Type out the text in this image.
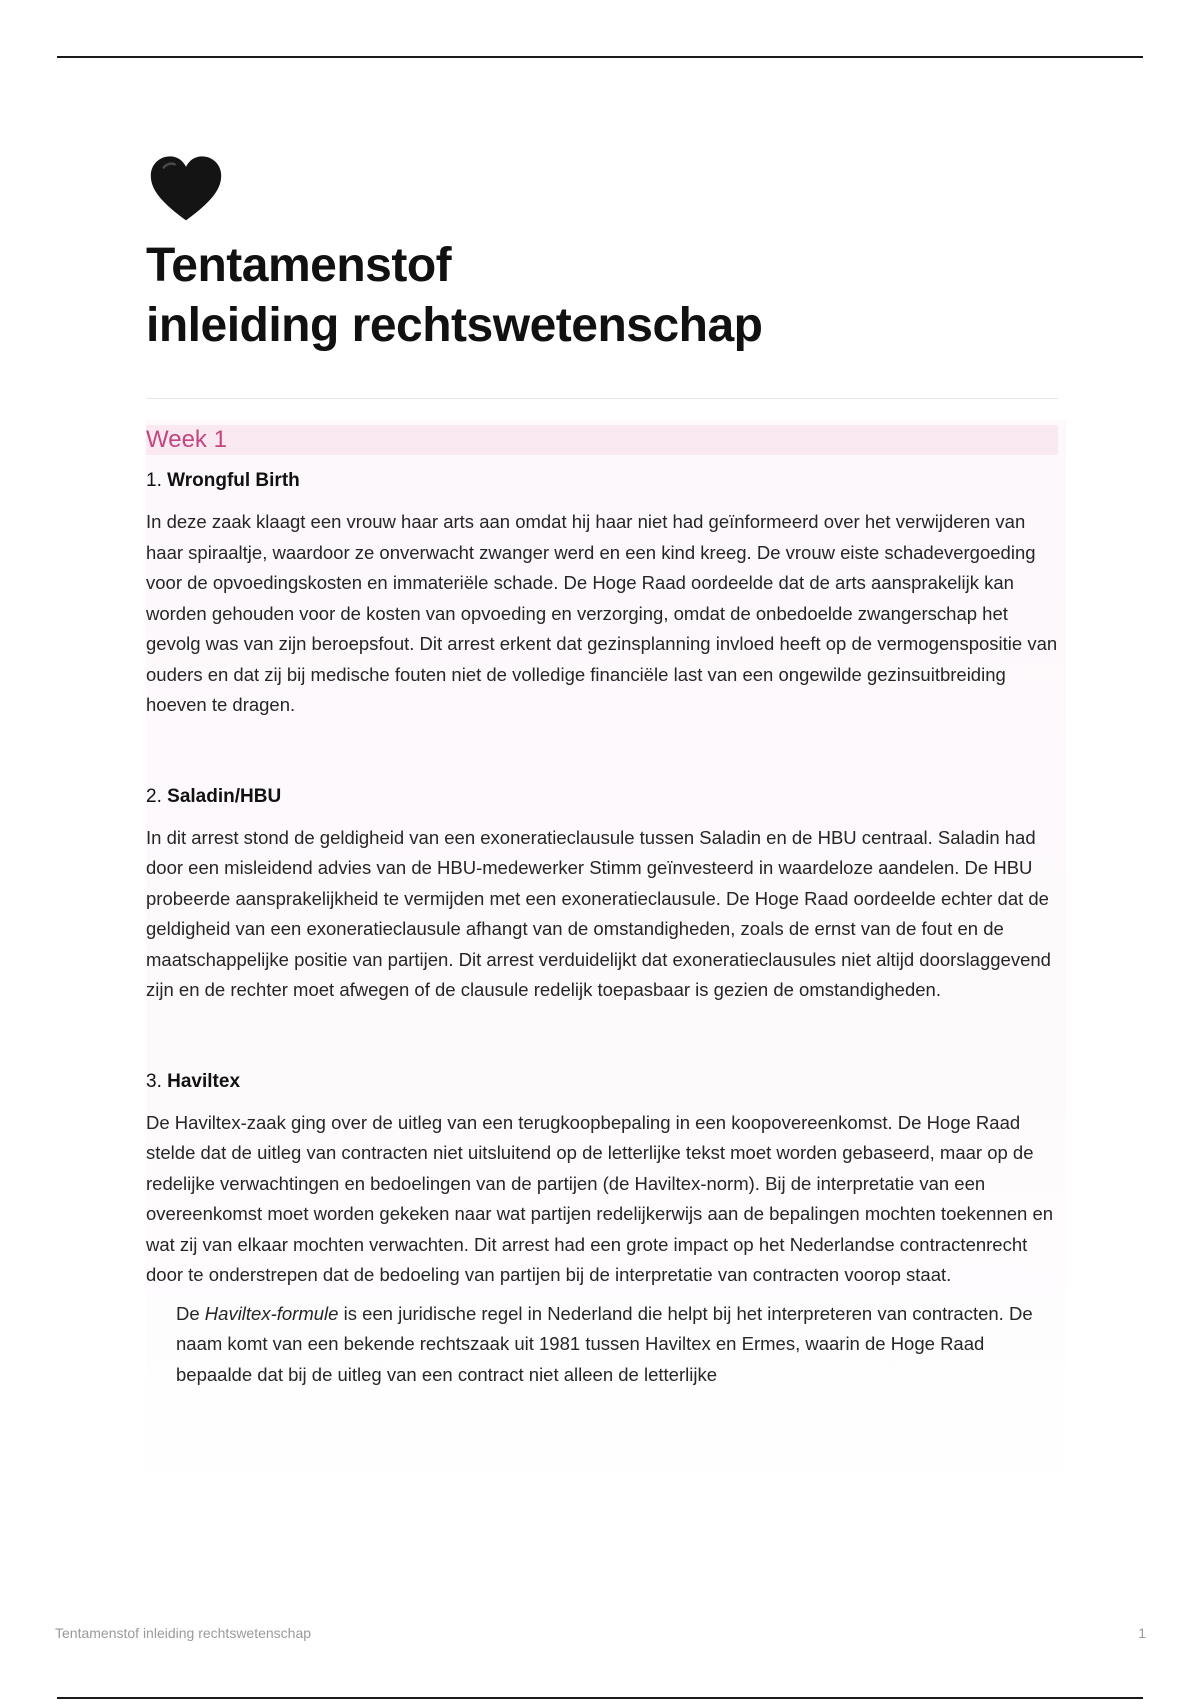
Tentamenstof
inleiding rechtswetenschap
Week 1
1. Wrongful Birth
In deze zaak klaagt een vrouw haar arts aan omdat hij haar niet had geïnformeerd over het verwijderen van haar spiraaltje, waardoor ze onverwacht zwanger werd en een kind kreeg. De vrouw eiste schadevergoeding voor de opvoedingskosten en immateriële schade. De Hoge Raad oordeelde dat de arts aansprakelijk kan worden gehouden voor de kosten van opvoeding en verzorging, omdat de onbedoelde zwangerschap het gevolg was van zijn beroepsfout. Dit arrest erkent dat gezinsplanning invloed heeft op de vermogenspositie van ouders en dat zij bij medische fouten niet de volledige financiële last van een ongewilde gezinsuitbreiding hoeven te dragen.
2. Saladin/HBU
In dit arrest stond de geldigheid van een exoneratieclausule tussen Saladin en de HBU centraal. Saladin had door een misleidend advies van de HBU-medewerker Stimm geïnvesteerd in waardeloze aandelen. De HBU probeerde aansprakelijkheid te vermijden met een exoneratieclausule. De Hoge Raad oordeelde echter dat de geldigheid van een exoneratieclausule afhangt van de omstandigheden, zoals de ernst van de fout en de maatschappelijke positie van partijen. Dit arrest verduidelijkt dat exoneratieclausules niet altijd doorslaggevend zijn en de rechter moet afwegen of de clausule redelijk toepasbaar is gezien de omstandigheden.
3. Haviltex
De Haviltex-zaak ging over de uitleg van een terugkoopbepaling in een koopovereenkomst. De Hoge Raad stelde dat de uitleg van contracten niet uitsluitend op de letterlijke tekst moet worden gebaseerd, maar op de redelijke verwachtingen en bedoelingen van de partijen (de Haviltex-norm). Bij de interpretatie van een overeenkomst moet worden gekeken naar wat partijen redelijkerwijs aan de bepalingen mochten toekennen en wat zij van elkaar mochten verwachten. Dit arrest had een grote impact op het Nederlandse contractenrecht door te onderstrepen dat de bedoeling van partijen bij de interpretatie van contracten voorop staat.
De Haviltex-formule is een juridische regel in Nederland die helpt bij het interpreteren van contracten. De naam komt van een bekende rechtszaak uit 1981 tussen Haviltex en Ermes, waarin de Hoge Raad bepaalde dat bij de uitleg van een contract niet alleen de letterlijke
Tentamenstof inleiding rechtswetenschap	1
